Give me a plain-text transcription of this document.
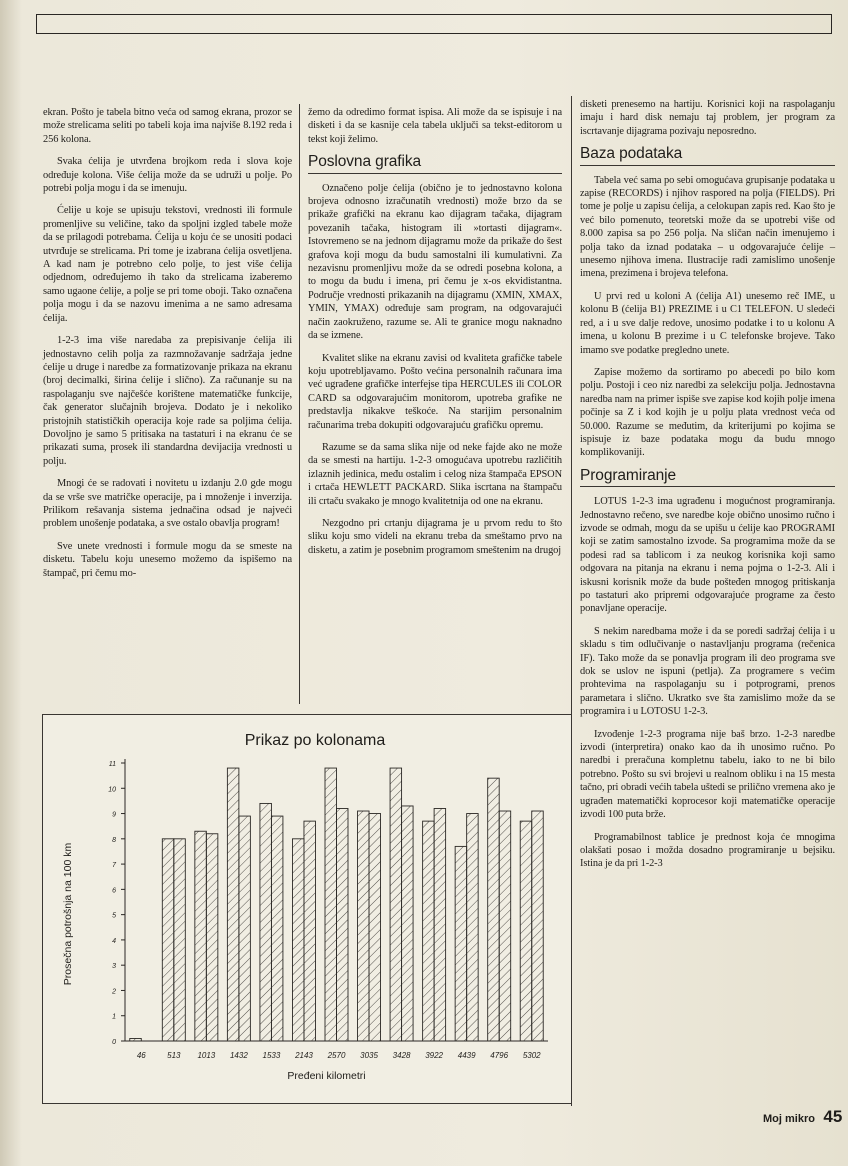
ekran. Pošto je tabela bitno veća od samog ekrana, prozor se može strelicama seliti po tabeli koja ima najviše 8.192 reda i 256 kolona.

Svaka ćelija je utvrđena brojkom reda i slova koje određuje kolona. Više ćelija može da se udruži u polje. Po potrebi polja mogu i da se imenuju.

Ćelije u koje se upisuju tekstovi, vrednosti ili formule promenljive su veličine, tako da spoljni izgled tabele može da se prilagodi potrebama. Ćelija u koju će se unositi podaci utvrđuje se strelicama. Pri tome je izabrana ćelija osvetljena. A kad nam je potrebno celo polje, to jest više ćelija odjednom, određujemo ih tako da strelicama izaberemo samo ugaone ćelije, a polje se pri tome oboji. Tako označena polja mogu i da se nazovu imenima a ne samo adresama ćelija.

1-2-3 ima više naredaba za prepisivanje ćelija ili jednostavno celih polja za razmnožavanje sadržaja jedne ćelije u druge i naredbe za formatizovanje prikaza na ekranu (broj decimalki, širina ćelije i slično). Za računanje su na raspolaganju sve najčešće korištene matematičke funkcije, čak generator slučajnih brojeva. Dodato je i nekoliko pristojnih statističkih operacija koje rade sa poljima ćelija. Dovoljno je samo 5 pritisaka na tastaturi i na ekranu će se prikazati suma, prosek ili standardna devijacija vrednosti u polju.

Mnogi će se radovati i novitetu u izdanju 2.0 gde mogu da se vrše sve matričke operacije, pa i množenje i inverzija. Prilikom rešavanja sistema jednačina odsad je najveći problem unošenje podataka, a sve ostalo obavlja program!

Sve unete vrednosti i formule mogu da se smeste na disketu. Tabelu koju unesemo možemo da ispišemo na štampač, pri čemu mo-

žemo da odredimo format ispisa. Ali može da se ispisuje i na disketi i da se kasnije cela tabela uključi sa tekst-editorom u tekst koji želimo.

Poslovna grafika

Označeno polje ćelija (obično je to jednostavno kolona brojeva odnosno izračunatih vrednosti) može brzo da se prikaže grafički na ekranu kao dijagram tačaka, dijagram povezanih tačaka, histogram ili »tortasti dijagram«. Istovremeno se na jednom dijagramu može da prikaže do šest grafova koji mogu da budu samostalni ili kumulativni. Za nezavisnu promenljivu može da se odredi posebna kolona, a to mogu da budu i imena, pri čemu je x-os ekvidistantna. Područje vrednosti prikazanih na dijagramu (XMIN, XMAX, YMIN, YMAX) određuje sam program, na odgovarajući način zaokruženo, razume se. Ali te granice mogu naknadno da se izmene.

Kvalitet slike na ekranu zavisi od kvaliteta grafičke tabele koju upotrebljavamo. Pošto većina personalnih računara ima već ugrađene grafičke interfejse tipa HERCULES ili COLOR CARD sa odgovarajućim monitorom, upotreba grafike ne predstavlja nikakve teškoće. Na starijim personalnim računarima treba dokupiti odgovarajuću grafičku opremu.

Razume se da sama slika nije od neke fajde ako ne može da se smesti na hartiju. 1-2-3 omogućava upotrebu različitih izlaznih jedinica, među ostalim i celog niza štampača EPSON i crtača HEWLETT PACKARD. Slika iscrtana na štampaču ili crtaču svakako je mnogo kvalitetnija od one na ekranu.

Nezgodno pri crtanju dijagrama je u prvom redu to što sliku koju smo videli na ekranu treba da smeštamo prvo na disketu, a zatim je posebnim programom smeštenim na drugoj

disketi prenesemo na hartiju. Korisnici koji na raspolaganju imaju i hard disk nemaju taj problem, jer program za iscrtavanje dijagrama pozivaju neposredno.

Baza podataka

Tabela već sama po sebi omogućava grupisanje podataka u zapise (RECORDS) i njihov raspored na polja (FIELDS). Pri tome je polje u zapisu ćelija, a celokupan zapis red. Kao što je već bilo pomenuto, teoretski može da se upotrebi više od 8.000 zapisa sa po 256 polja. Na sličan način imenujemo i polja tako da iznad podataka – u odgovarajuće ćelije – unesemo njihova imena. Ilustracije radi zamislimo unošenje imena, prezimena i brojeva telefona.

U prvi red u koloni A (ćelija A1) unesemo reč IME, u kolonu B (ćelija B1) PREZIME i u C1 TELEFON. U sledeći red, a i u sve dalje redove, unosimo podatke i to u kolonu A imena, u kolonu B prezime i u C telefonske brojeve. Tako imamo sve podatke pregledno unete.

Zapise možemo da sortiramo po abecedi po bilo kom polju. Postoji i ceo niz naredbi za selekciju polja. Jednostavna naredba nam na primer ispiše sve zapise kod kojih polje imena počinje sa Z i kod kojih je u polju plata vrednost veća od 50.000. Razume se međutim, da kriterijumi po kojima se ispisuje iz baze podataka mogu da budu mnogo komplikovaniji.

Programiranje

LOTUS 1-2-3 ima ugrađenu i mogućnost programiranja. Jednostavno rečeno, sve naredbe koje obično unosimo ručno i izvode se odmah, mogu da se upišu u ćelije kao PROGRAMI koji se zatim samostalno izvode. Sa programima može da se podesi rad sa tablicom i za neukog korisnika koji samo odgovara na pitanja na ekranu i nema pojma o 1-2-3. Ali i iskusni korisnik može da bude pošteđen mnogog pritiskanja po tastaturi ako pripremi odgovarajuće programe za često ponavljane operacije.

S nekim naredbama može i da se poredi sadržaj ćelija i u skladu s tim odlučivanje o nastavljanju programa (rečenica IF). Tako može da se ponavlja program ili deo programa sve dok se uslov ne ispuni (petlja). Za programere s većim prohtevima na raspolaganju su i potprogrami, prenos parametara i slično. Ukratko sve šta zamislimo može da se programira i u LOTOSU 1-2-3.

Izvođenje 1-2-3 programa nije baš brzo. 1-2-3 naredbe izvodi (interpretira) onako kao da ih unosimo ručno. Po naredbi i preračuna kompletnu tabelu, iako to ne bi bilo potrebno. Pošto su svi brojevi u realnom obliku i na 15 mesta tačno, pri obradi većih tabela uštedi se prilično vremena ako je ugrađen matematički koprocesor koji matematičke operacije izvodi 100 puta brže.

Programabilnost tablice je prednost koja će mnogima olakšati posao i možda dosadno programiranje u bejsiku. Istina je da pri 1-2-3

Prikaz po kolonama
0
1
2
3
4
5
6
7
8
9
10
11
Prosečna potrošnja na 100 km
46	513 1013 1432 1533 2143 2570 3035 3428 3922 4439 4796 5302
Pređeni kilometri
Moj mikro 45
